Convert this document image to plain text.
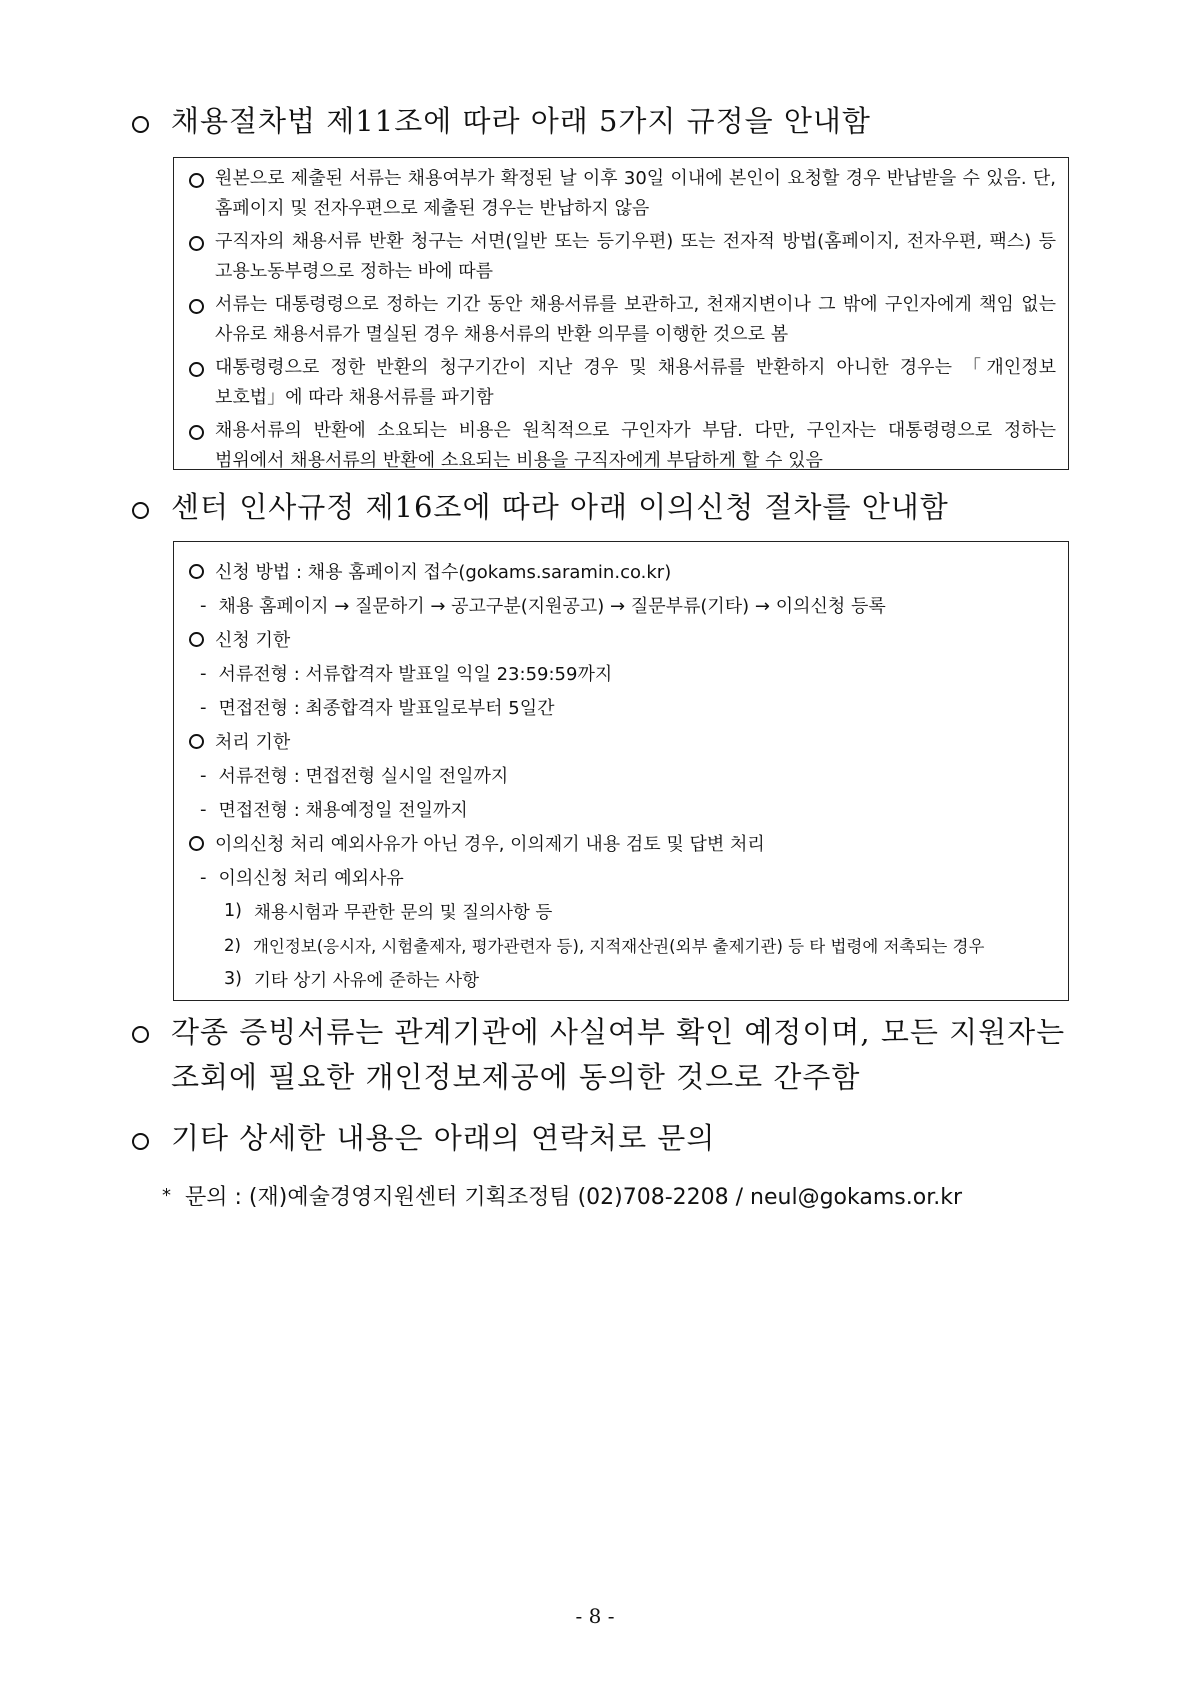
채용절차법 제11조에 따라 아래 5가지 규정을 안내함
원본으로 제출된 서류는 채용여부가 확정된 날 이후 30일 이내에 본인이 요청할 경우 반납받을 수 있음. 단, 홈페이지 및 전자우편으로 제출된 경우는 반납하지 않음
구직자의 채용서류 반환 청구는 서면(일반 또는 등기우편) 또는 전자적 방법(홈페이지, 전자우편, 팩스) 등 고용노동부령으로 정하는 바에 따름
서류는 대통령령으로 정하는 기간 동안 채용서류를 보관하고, 천재지변이나 그 밖에 구인자에게 책임 없는 사유로 채용서류가 멸실된 경우 채용서류의 반환 의무를 이행한 것으로 봄
대통령령으로 정한 반환의 청구기간이 지난 경우 및 채용서류를 반환하지 아니한 경우는 「개인정보 보호법」에 따라 채용서류를 파기함
채용서류의 반환에 소요되는 비용은 원칙적으로 구인자가 부담. 다만, 구인자는 대통령령으로 정하는 범위에서 채용서류의 반환에 소요되는 비용을 구직자에게 부담하게 할 수 있음
센터 인사규정 제16조에 따라 아래 이의신청 절차를 안내함
신청 방법 : 채용 홈페이지 접수(gokams.saramin.co.kr)
- 채용 홈페이지 → 질문하기 → 공고구분(지원공고) → 질문부류(기타) → 이의신청 등록
신청 기한
- 서류전형 : 서류합격자 발표일 익일 23:59:59까지
- 면접전형 : 최종합격자 발표일로부터 5일간
처리 기한
- 서류전형 : 면접전형 실시일 전일까지
- 면접전형 : 채용예정일 전일까지
이의신청 처리 예외사유가 아닌 경우, 이의제기 내용 검토 및 답변 처리
- 이의신청 처리 예외사유
1) 채용시험과 무관한 문의 및 질의사항 등
2) 개인정보(응시자, 시험출제자, 평가관련자 등), 지적재산권(외부 출제기관) 등 타 법령에 저촉되는 경우
3) 기타 상기 사유에 준하는 사항
각종 증빙서류는 관계기관에 사실여부 확인 예정이며, 모든 지원자는 조회에 필요한 개인정보제공에 동의한 것으로 간주함
기타 상세한 내용은 아래의 연락처로 문의
* 문의 : (재)예술경영지원센터 기획조정팀 (02)708-2208 / neul@gokams.or.kr
- 8 -
